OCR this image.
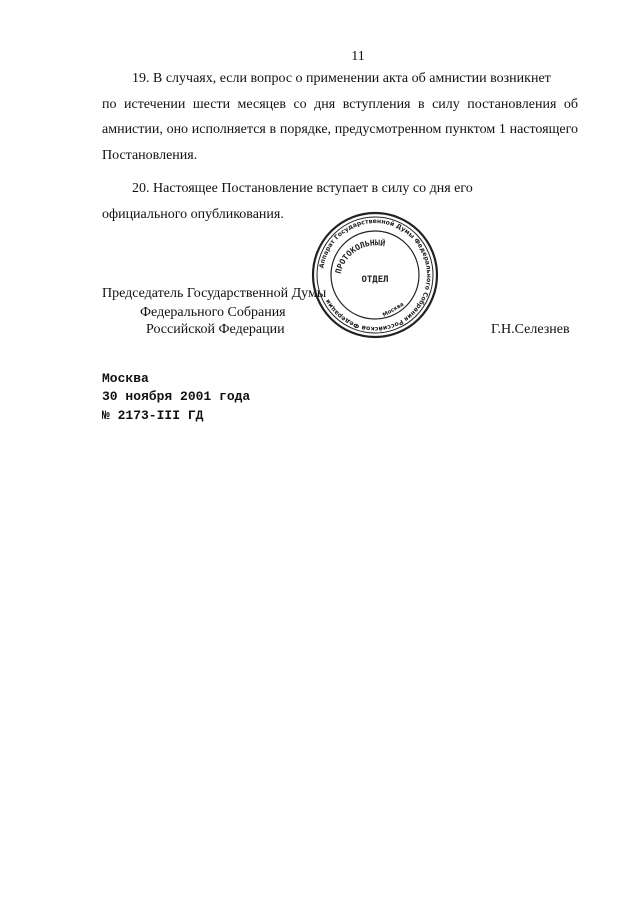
11

19. В случаях, если вопрос о применении акта об амнистии возникнет
по истечении шести месяцев со дня вступления в силу постановления об амнистии, оно исполняется в порядке, предусмотренном пунктом 1 настоящего Постановления.

20. Настоящее Постановление вступает в силу со дня его
официального опубликования.

Председатель Государственной Думы
Федерального Собрания
Российской Федерации	Г.Н.Селезнев
Аппарат Государственной Думы Федерального Собрания Российской Федерации
ПРОТОКОЛЬНЫЙ
ОТДЕЛ
Москва
Москва
30 ноября 2001 года
№ 2173-III ГД
